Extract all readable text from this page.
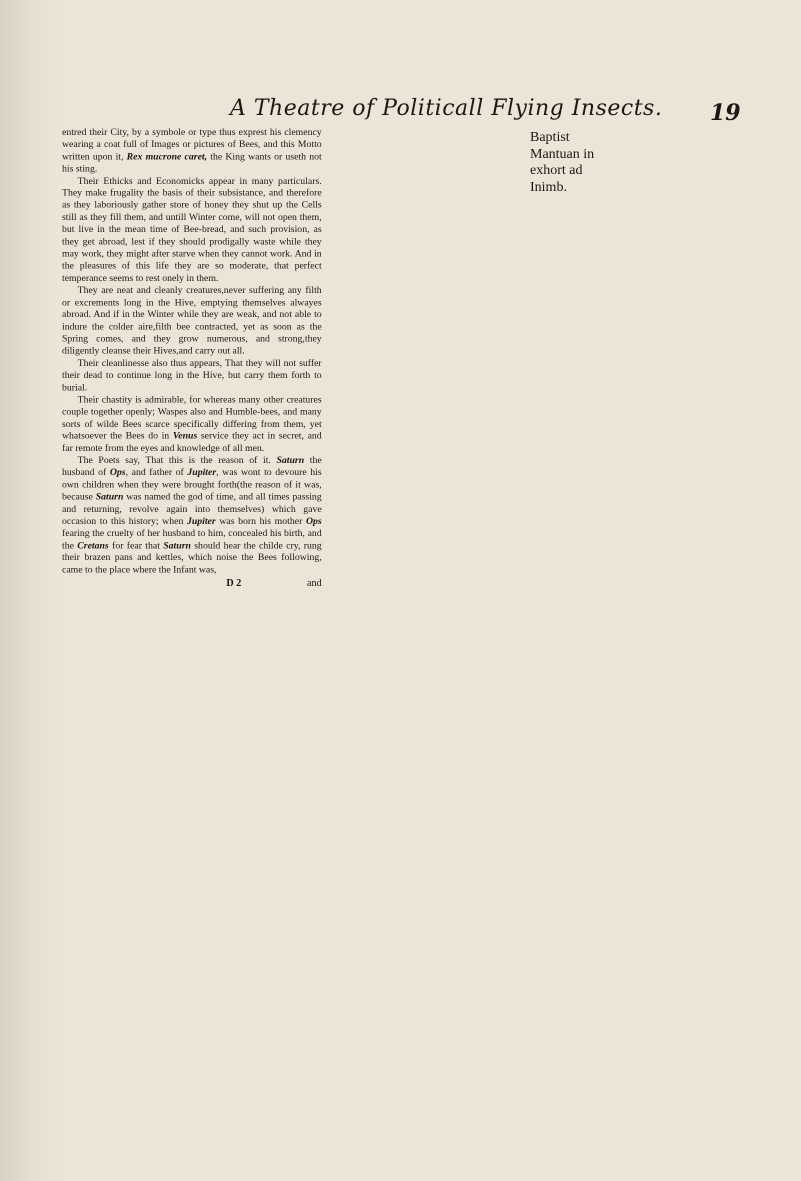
A Theatre of Politicall Flying Insects. 19
Baptist Mantuan in exhort ad Inimb.

entred their City, by a symbole or type thus exprest his clemency wearing a coat full of Images or pictures of Bees, and this Motto written upon it, Rex mucrone caret, the King wants or useth not his sting.

Their Ethicks and Economicks appear in many particulars. They make frugality the basis of their subsistance, and therefore as they laboriously gather store of honey they shut up the Cells still as they fill them, and untill Winter come, will not open them, but live in the mean time of Bee-bread, and such provision, as they get abroad, lest if they should prodigally waste while they may work, they might after starve when they cannot work. And in the pleasures of this life they are so moderate, that perfect temperance seems to rest onely in them.

They are neat and cleanly creatures,never suffering any filth or excrements long in the Hive, emptying themselves alwayes abroad. And if in the Winter while they are weak, and not able to indure the colder aire,filth bee contracted, yet as soon as the Spring comes, and they grow numerous, and strong,they diligently cleanse their Hives,and carry out all.

Their cleanlinesse also thus appears, That they will not suffer their dead to continue long in the Hive, but carry them forth to burial.

Their chastity is admirable, for whereas many other creatures couple together openly; Waspes also and Humble-bees, and many sorts of wilde Bees scarce specifically differing from them, yet whatsoever the Bees do in Venus service they act in secret, and far remote from the eyes and knowledge of all men.

The Poets say, That this is the reason of it. Saturn the husband of Ops, and father of Jupiter, was wont to devoure his own children when they were brought forth(the reason of it was, because Saturn was named the god of time, and all times passing and returning, revolve again into themselves) which gave occasion to this history; when Jupiter was born his mother Ops fearing the cruelty of her husband to him, concealed his birth, and the Cretans for fear that Saturn should hear the childe cry, rung their brazen pans and kettles, which noise the Bees following, came to the place where the Infant was,

D 2	and
